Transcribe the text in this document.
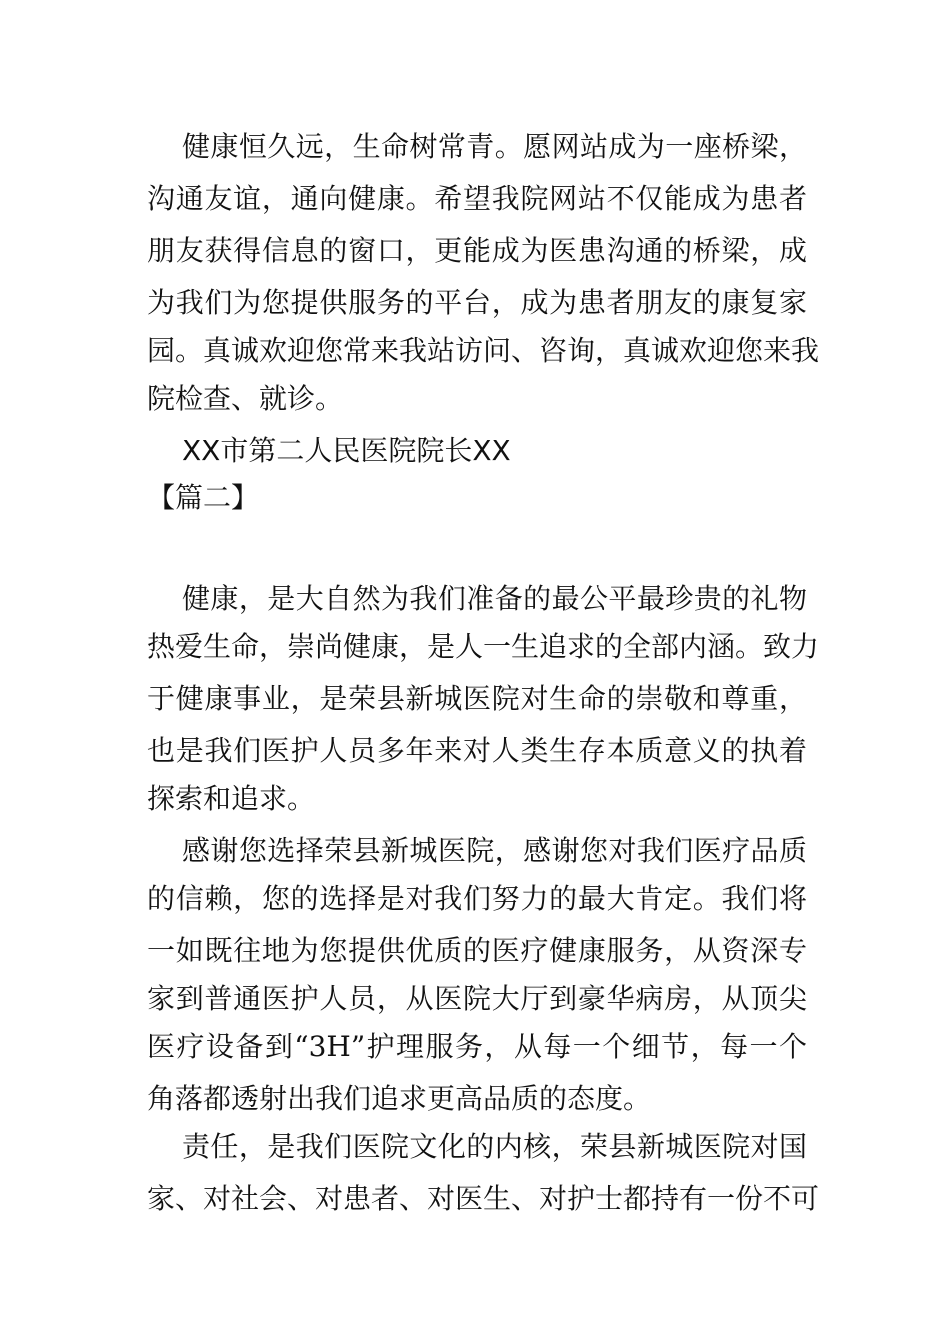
健康恒久远，生命树常青。愿网站成为一座桥梁，
沟通友谊，通向健康。希望我院网站不仅能成为患者
朋友获得信息的窗口，更能成为医患沟通的桥梁，成
为我们为您提供服务的平台，成为患者朋友的康复家
园。真诚欢迎您常来我站访问、咨询，真诚欢迎您来我
院检查、就诊。
XX市第二人民医院院长XX
【篇二】
健康，是大自然为我们准备的最公平最珍贵的礼物
热爱生命，崇尚健康，是人一生追求的全部内涵。致力
于健康事业，是荣县新城医院对生命的崇敬和尊重，
也是我们医护人员多年来对人类生存本质意义的执着
探索和追求。
感谢您选择荣县新城医院，感谢您对我们医疗品质
的信赖，您的选择是对我们努力的最大肯定。我们将
一如既往地为您提供优质的医疗健康服务，从资深专
家到普通医护人员，从医院大厅到豪华病房，从顶尖
医疗设备到“3H”护理服务，从每一个细节，每一个
角落都透射出我们追求更高品质的态度。
责任，是我们医院文化的内核，荣县新城医院对国
家、对社会、对患者、对医生、对护士都持有一份不可
